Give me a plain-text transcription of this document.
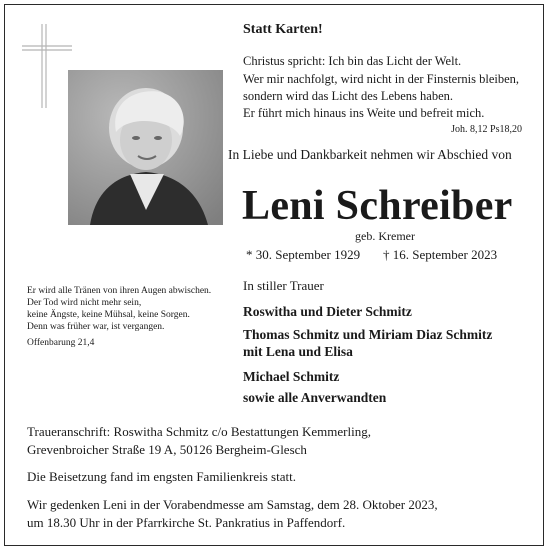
Statt Karten!
Christus spricht: Ich bin das Licht der Welt.
Wer mir nachfolgt, wird nicht in der Finsternis bleiben,
sondern wird das Licht des Lebens haben.
Er führt mich hinaus ins Weite und befreit mich.
Joh. 8,12 Ps18,20
In Liebe und Dankbarkeit nehmen wir Abschied von
Leni Schreiber
geb. Kremer
* 30. September 1929 † 16. September 2023
Er wird alle Tränen von ihren Augen abwischen.
Der Tod wird nicht mehr sein,
keine Ängste, keine Mühsal, keine Sorgen.
Denn was früher war, ist vergangen.
Offenbarung 21,4
In stiller Trauer
Roswitha und Dieter Schmitz
Thomas Schmitz und Miriam Diaz Schmitz
mit Lena und Elisa
Michael Schmitz
sowie alle Anverwandten
Traueranschrift: Roswitha Schmitz c/o Bestattungen Kemmerling,
Grevenbroicher Straße 19 A, 50126 Bergheim-Glesch
Die Beisetzung fand im engsten Familienkreis statt.
Wir gedenken Leni in der Vorabendmesse am Samstag, dem 28. Oktober 2023,
um 18.30 Uhr in der Pfarrkirche St. Pankratius in Paffendorf.
